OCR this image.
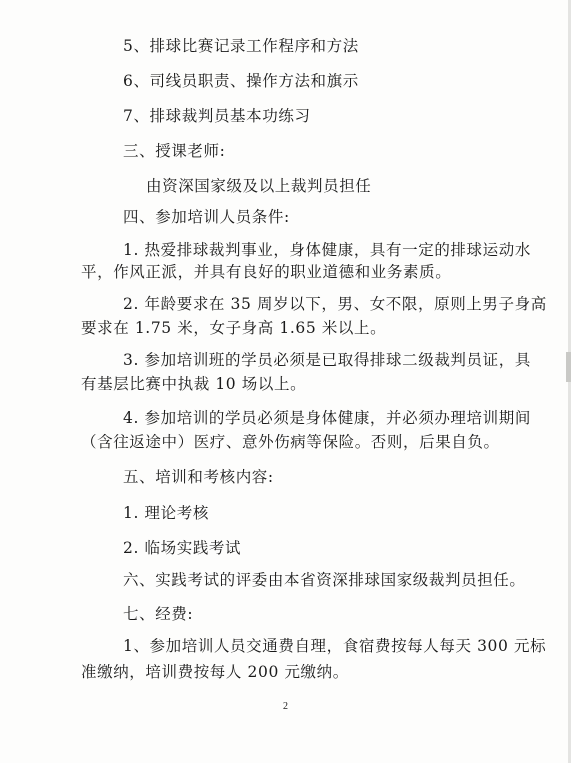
5、排球比赛记录工作程序和方法
6、司线员职责、操作方法和旗示
7、排球裁判员基本功练习
三、授课老师:
由资深国家级及以上裁判员担任
四、参加培训人员条件:
1. 热爱排球裁判事业，身体健康，具有一定的排球运动水
平，作风正派，并具有良好的职业道德和业务素质。
2. 年龄要求在 35 周岁以下，男、女不限，原则上男子身高
要求在 1.75 米，女子身高 1.65 米以上。
3. 参加培训班的学员必须是已取得排球二级裁判员证，具
有基层比赛中执裁 10 场以上。
4. 参加培训的学员必须是身体健康，并必须办理培训期间
（含往返途中）医疗、意外伤病等保险。否则，后果自负。
五、培训和考核内容:
1. 理论考核
2. 临场实践考试
六、实践考试的评委由本省资深排球国家级裁判员担任。
七、经费:
1、参加培训人员交通费自理，食宿费按每人每天 300 元标
准缴纳，培训费按每人 200 元缴纳。
2
